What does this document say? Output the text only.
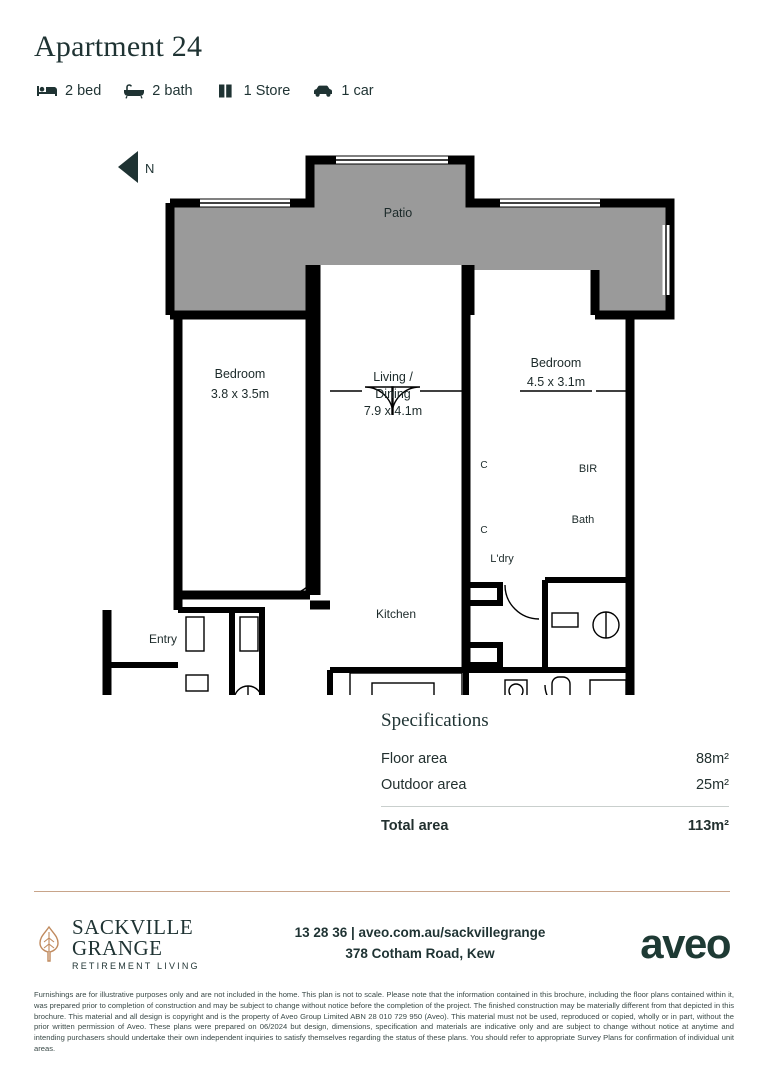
Apartment 24
2 bed	2 bath	1 Store	1 car
N
Patio
Bedroom
3.8 x 3.5m
Bedroom
4.5 x 3.1m
Living /
Dining
7.9 x 4.1m
BIR
Bath
L'dry
Kitchen
Entry
C
C
Specifications
Floor area	88m²
Outdoor area	25m²
Total area	113m²
SACKVILLE
GRANGE
RETIREMENT LIVING
13 28 36 | aveo.com.au/sackvillegrange
378 Cotham Road, Kew	aveo
Furnishings are for illustrative purposes only and are not included in the home. This plan is not to scale. Please note that the information contained in this brochure, including the floor plans contained within it, was prepared prior to completion of construction and may be subject to change without notice before the completion of the project. The finished construction may be materially different from that depicted in this brochure. This material and all design is copyright and is the property of Aveo Group Limited ABN 28 010 729 950 (Aveo). This material must not be used, reproduced or copied, wholly or in part, without the prior written permission of Aveo. These plans were prepared on 06/2024 but design, dimensions, specification and materials are indicative only and are subject to change without notice at anytime and intending purchasers should undertake their own independent inquiries to satisfy themselves regarding the status of these plans. You should refer to appropriate Survey Plans for confirmation of individual unit areas.
